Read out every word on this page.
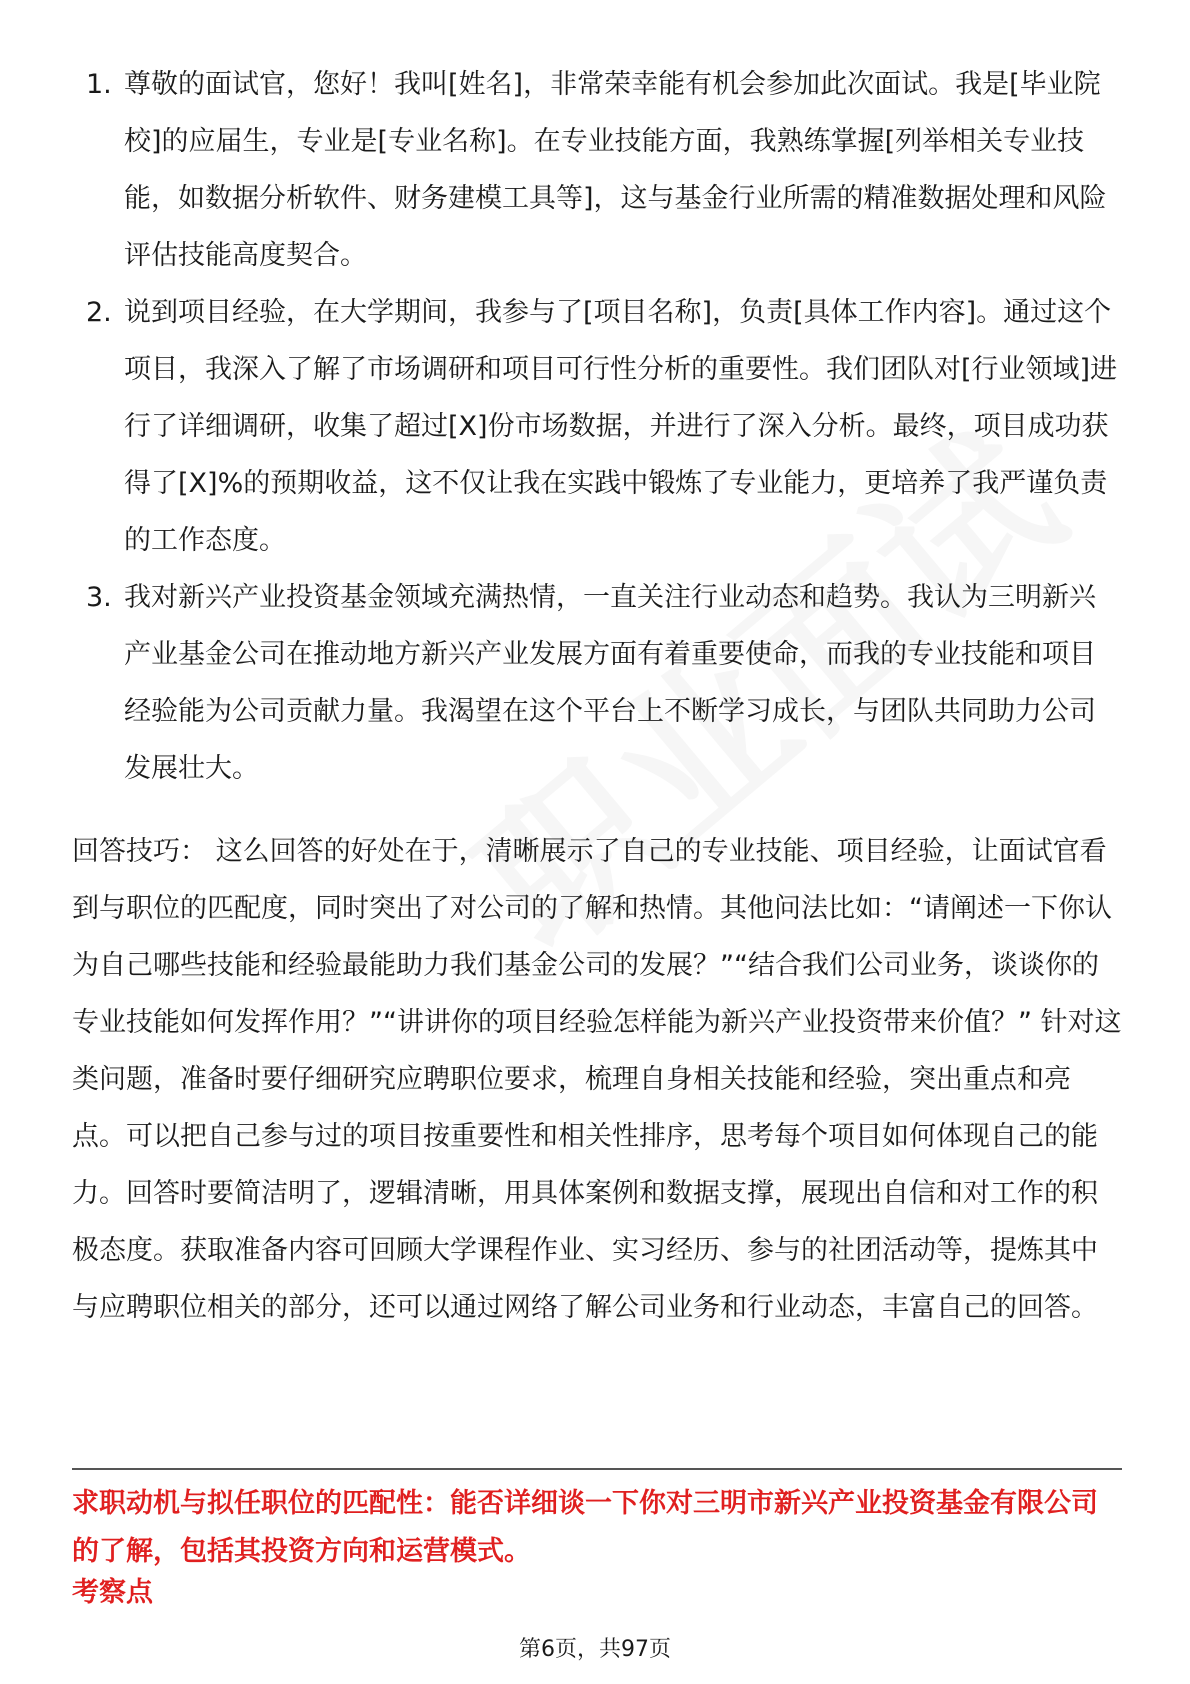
1. 尊敬的面试官，您好！我叫[姓名]，非常荣幸能有机会参加此次面试。我是[毕业院校]的应届生，专业是[专业名称]。在专业技能方面，我熟练掌握[列举相关专业技能，如数据分析软件、财务建模工具等]，这与基金行业所需的精准数据处理和风险评估技能高度契合。
2. 说到项目经验，在大学期间，我参与了[项目名称]，负责[具体工作内容]。通过这个项目，我深入了解了市场调研和项目可行性分析的重要性。我们团队对[行业领域]进行了详细调研，收集了超过[X]份市场数据，并进行了深入分析。最终，项目成功获得了[X]%的预期收益，这不仅让我在实践中锻炼了专业能力，更培养了我严谨负责的工作态度。
3. 我对新兴产业投资基金领域充满热情，一直关注行业动态和趋势。我认为三明新兴产业基金公司在推动地方新兴产业发展方面有着重要使命，而我的专业技能和项目经验能为公司贡献力量。我渴望在这个平台上不断学习成长，与团队共同助力公司发展壮大。
回答技巧： 这么回答的好处在于，清晰展示了自己的专业技能、项目经验，让面试官看到与职位的匹配度，同时突出了对公司的了解和热情。其他问法比如：“请阐述一下你认为自己哪些技能和经验最能助力我们基金公司的发展？”“结合我们公司业务，谈谈你的专业技能如何发挥作用？”“讲讲你的项目经验怎样能为新兴产业投资带来价值？” 针对这类问题，准备时要仔细研究应聘职位要求，梳理自身相关技能和经验，突出重点和亮点。可以把自己参与过的项目按重要性和相关性排序，思考每个项目如何体现自己的能力。回答时要简洁明了，逻辑清晰，用具体案例和数据支撑，展现出自信和对工作的积极态度。获取准备内容可回顾大学课程作业、实习经历、参与的社团活动等，提炼其中与应聘职位相关的部分，还可以通过网络了解公司业务和行业动态，丰富自己的回答。
求职动机与拟任职位的匹配性：能否详细谈一下你对三明市新兴产业投资基金有限公司的了解，包括其投资方向和运营模式。
考察点
第6页，共97页
